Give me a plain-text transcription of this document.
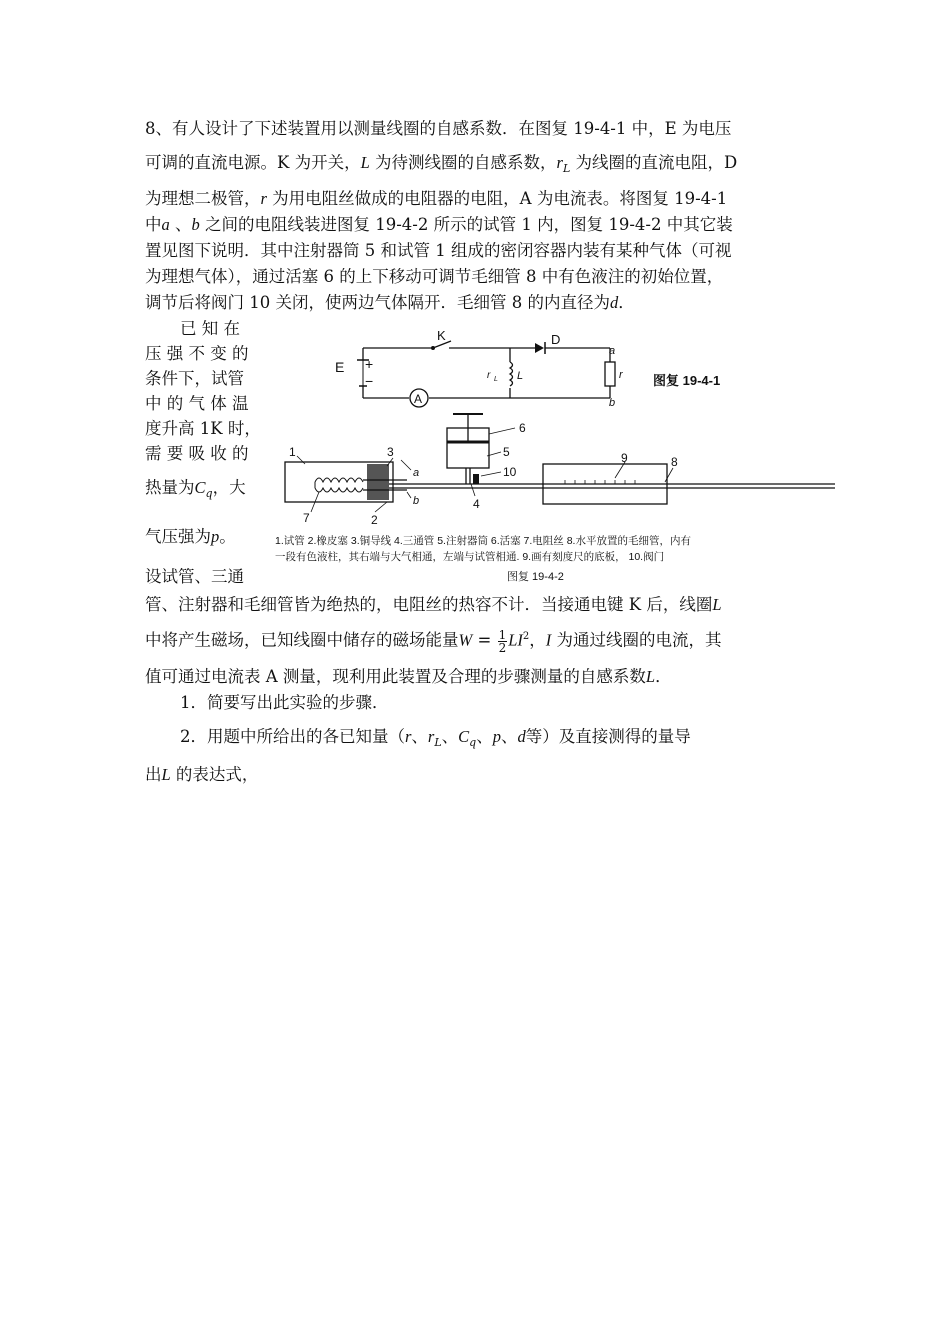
8、有人设计了下述装置用以测量线圈的自感系数．在图复 19-4-1 中，E 为电压
可调的直流电源。K 为开关，L 为待测线圈的自感系数，$r_L$ 为线圈的直流电阻，D
为理想二极管，r 为用电阻丝做成的电阻器的电阻，A 为电流表。将图复 19-4-1
中a 、b 之间的电阻线装进图复 19-4-2 所示的试管 1 内，图复 19-4-2 中其它装
置见图下说明．其中注射器筒 5 和试管 1 组成的密闭容器内装有某种气体（可视
为理想气体），通过活塞 6 的上下移动可调节毛细管 8 中有色液注的初始位置，
调节后将阀门 10 关闭，使两边气体隔开．毛细管 8 的内直径为d．
已 知 在
压 强 不 变 的
条件下，试管
中 的 气 体 温
度升高 1K 时，
需 要 吸 收 的
热量为$C_q$，大
气压强为p。
设试管、三通
E +
−
K	D
r L L
a
b
r
A
图复 19-4-1
1
2
3
4
5
6
7
8
9
10
a
b
1.试管 2.橡皮塞 3.铜导线 4.三通管 5.注射器筒 6.活塞 7.电阻丝 8.水平放置的毛细管，内有
一段有色液柱，其右端与大气相通，左端与试管相通. 9.画有刻度尺的底板， 10.阀门
图复 19-4-2
管、注射器和毛细管皆为绝热的，电阻丝的热容不计．当接通电键 K 后，线圈L
中将产生磁场，已知线圈中储存的磁场能量$W = \frac{1}{2} LI^2$，I 为通过线圈的电流，其
值可通过电流表 A 测量，现利用此装置及合理的步骤测量的自感系数L．
1．简要写出此实验的步骤．
2．用题中所给出的各已知量（r、$r_L$、$C_q$、p、d等）及直接测得的量导
出L 的表达式，
